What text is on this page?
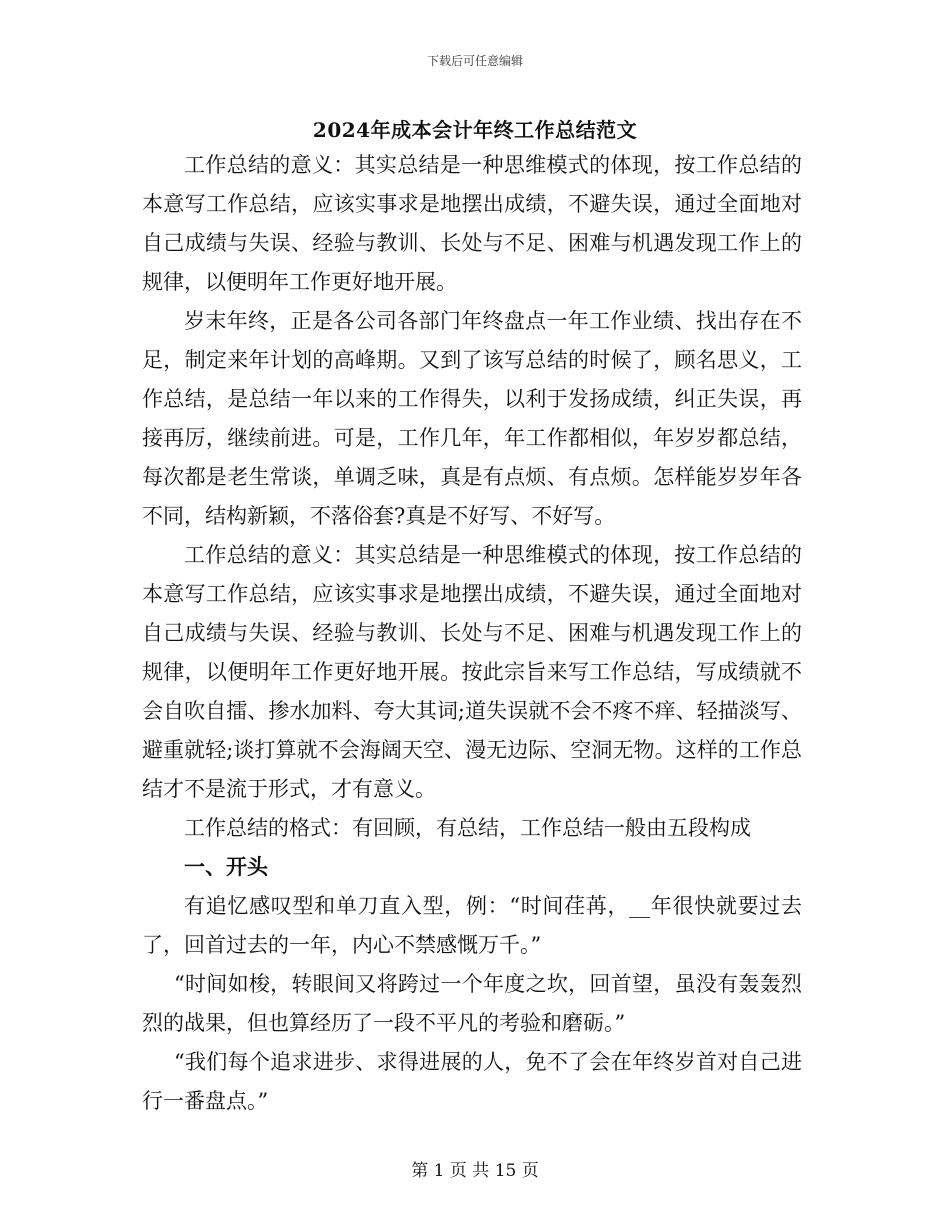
下载后可任意编辑
2024年成本会计年终工作总结范文

工作总结的意义：其实总结是一种思维模式的体现，按工作总结的本意写工作总结，应该实事求是地摆出成绩，不避失误，通过全面地对自己成绩与失误、经验与教训、长处与不足、困难与机遇发现工作上的规律，以便明年工作更好地开展。

岁末年终，正是各公司各部门年终盘点一年工作业绩、找出存在不足，制定来年计划的高峰期。又到了该写总结的时候了，顾名思义，工作总结，是总结一年以来的工作得失，以利于发扬成绩，纠正失误，再接再厉，继续前进。可是，工作几年，年工作都相似，年岁岁都总结，每次都是老生常谈，单调乏味，真是有点烦、有点烦。怎样能岁岁年各不同，结构新颖，不落俗套?真是不好写、不好写。

工作总结的意义：其实总结是一种思维模式的体现，按工作总结的本意写工作总结，应该实事求是地摆出成绩，不避失误，通过全面地对自己成绩与失误、经验与教训、长处与不足、困难与机遇发现工作上的规律，以便明年工作更好地开展。按此宗旨来写工作总结，写成绩就不会自吹自擂、掺水加料、夸大其词;道失误就不会不疼不痒、轻描淡写、避重就轻;谈打算就不会海阔天空、漫无边际、空洞无物。这样的工作总结才不是流于形式，才有意义。

工作总结的格式：有回顾，有总结，工作总结一般由五段构成

一、开头

有追忆感叹型和单刀直入型，例：“时间荏苒，__年很快就要过去了，回首过去的一年，内心不禁感慨万千。”

“时间如梭，转眼间又将跨过一个年度之坎，回首望，虽没有轰轰烈烈的战果，但也算经历了一段不平凡的考验和磨砺。”

“我们每个追求进步、求得进展的人，免不了会在年终岁首对自己进行一番盘点。”

第 1 页 共 15 页
